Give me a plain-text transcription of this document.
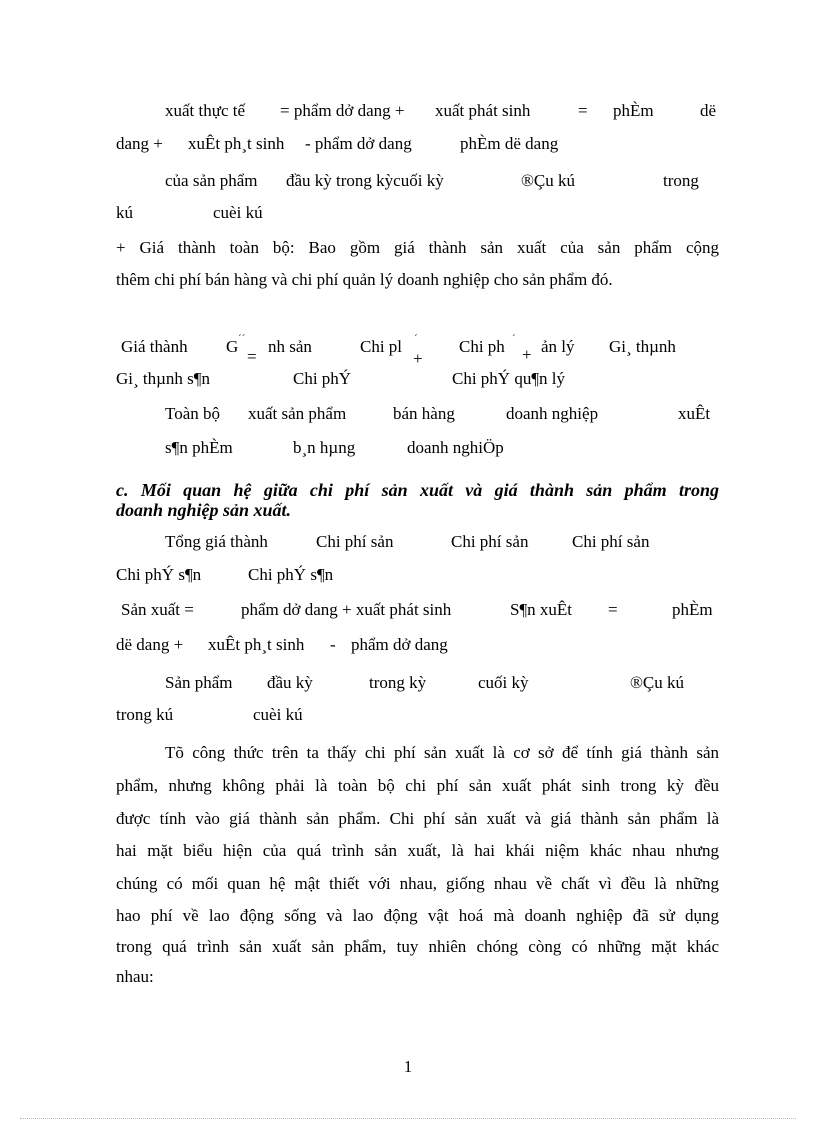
xuất thực tế = phẩm dở dang + xuất phát sinh	= phÈm	dë
dang + xuÊt ph¸t sinh - phẩm dở dang	phÈm dë dang
của sản phẩm đầu kỳ trong kỳcuối kỳ	®Çu kú	trong
kú	cuèi kú
+ Giá thành toàn bộ: Bao gồm giá thành sản xuất của sản phẩm cộng
thêm chi phí bán hàng và chi phí quản lý doanh nghiệp cho sản phẩm đó.
Giá thành G ´´ nh sản	Chi pl ´ Chi ph ´ ản lý Gi¸ thµnh
=	+	+
Gi¸ thµnh s¶n	Chi phÝ	Chi phÝ qu¶n lý
Toàn bộ xuất sản phẩm	bán hàng	doanh nghiệp	xuÊt
s¶n phÈm	b¸n hµng	doanh nghiÖp
c. Mối quan hệ giữa chi phí sản xuất và giá thành sản phẩm trong
doanh nghiệp sản xuất.
Tổng giá thành	Chi phí sản	Chi phí sản	Chi phí sản
Chi phÝ s¶n	Chi phÝ s¶n
Sản xuất =	phẩm dở dang + xuất phát sinh	S¶n xuÊt =	phÈm
dë dang + xuÊt ph¸t sinh - phẩm dở dang
Sản phẩm đầu kỳ	trong kỳ	cuối kỳ	®Çu kú
trong kú	cuèi kú
Tõ công thức trên ta thấy chi phí sản xuất là cơ sở để tính giá thành sản
phẩm, nhưng không phải là toàn bộ chi phí sản xuất phát sinh trong kỳ đều
được tính vào giá thành sản phẩm. Chi phí sản xuất và giá thành sản phẩm là
hai mặt biểu hiện của quá trình sản xuất, là hai khái niệm khác nhau nhưng
chúng có mối quan hệ mật thiết với nhau, giống nhau về chất vì đều là những
hao phí về lao động sống và lao động vật hoá mà doanh nghiệp đã sử dụng
trong quá trình sản xuất sản phẩm, tuy nhiên chóng còng có những mặt khác
nhau:
1
